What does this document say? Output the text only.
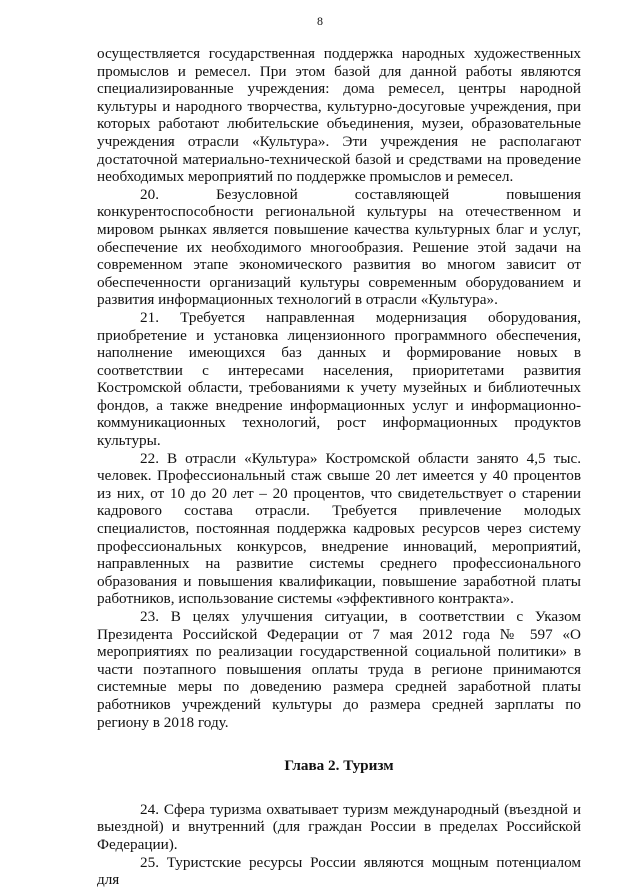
8

осуществляется государственная поддержка народных художественных промыслов и ремесел. При этом базой для данной работы являются специализированные учреждения: дома ремесел, центры народной культуры и народного творчества, культурно-досуговые учреждения, при которых работают любительские объединения, музеи, образовательные учреждения отрасли «Культура». Эти учреждения не располагают достаточной материально-технической базой и средствами на проведение необходимых мероприятий по поддержке промыслов и ремесел.

20. Безусловной составляющей повышения конкурентоспособности региональной культуры на отечественном и мировом рынках является повышение качества культурных благ и услуг, обеспечение их необходимого многообразия. Решение этой задачи на современном этапе экономического развития во многом зависит от обеспеченности организаций культуры современным оборудованием и развития информационных технологий в отрасли «Культура».

21. Требуется направленная модернизация оборудования, приобретение и установка лицензионного программного обеспечения, наполнение имеющихся баз данных и формирование новых в соответствии с интересами населения, приоритетами развития Костромской области, требованиями к учету музейных и библиотечных фондов, а также внедрение информационных услуг и информационно-коммуникационных технологий, рост информационных продуктов культуры.

22. В отрасли «Культура» Костромской области занято 4,5 тыс. человек. Профессиональный стаж свыше 20 лет имеется у 40 процентов из них, от 10 до 20 лет – 20 процентов, что свидетельствует о старении кадрового состава отрасли. Требуется привлечение молодых специалистов, постоянная поддержка кадровых ресурсов через систему профессиональных конкурсов, внедрение инноваций, мероприятий, направленных на развитие системы среднего профессионального образования и повышения квалификации, повышение заработной платы работников, использование системы «эффективного контракта».

23. В целях улучшения ситуации, в соответствии с Указом Президента Российской Федерации от 7 мая 2012 года № 597 «О мероприятиях по реализации государственной социальной политики» в части поэтапного повышения оплаты труда в регионе принимаются системные меры по доведению размера средней заработной платы работников учреждений культуры до размера средней зарплаты по региону в 2018 году.

Глава 2. Туризм

24. Сфера туризма охватывает туризм международный (въездной и выездной) и внутренний (для граждан России в пределах Российской Федерации).

25. Туристские ресурсы России являются мощным потенциалом для
